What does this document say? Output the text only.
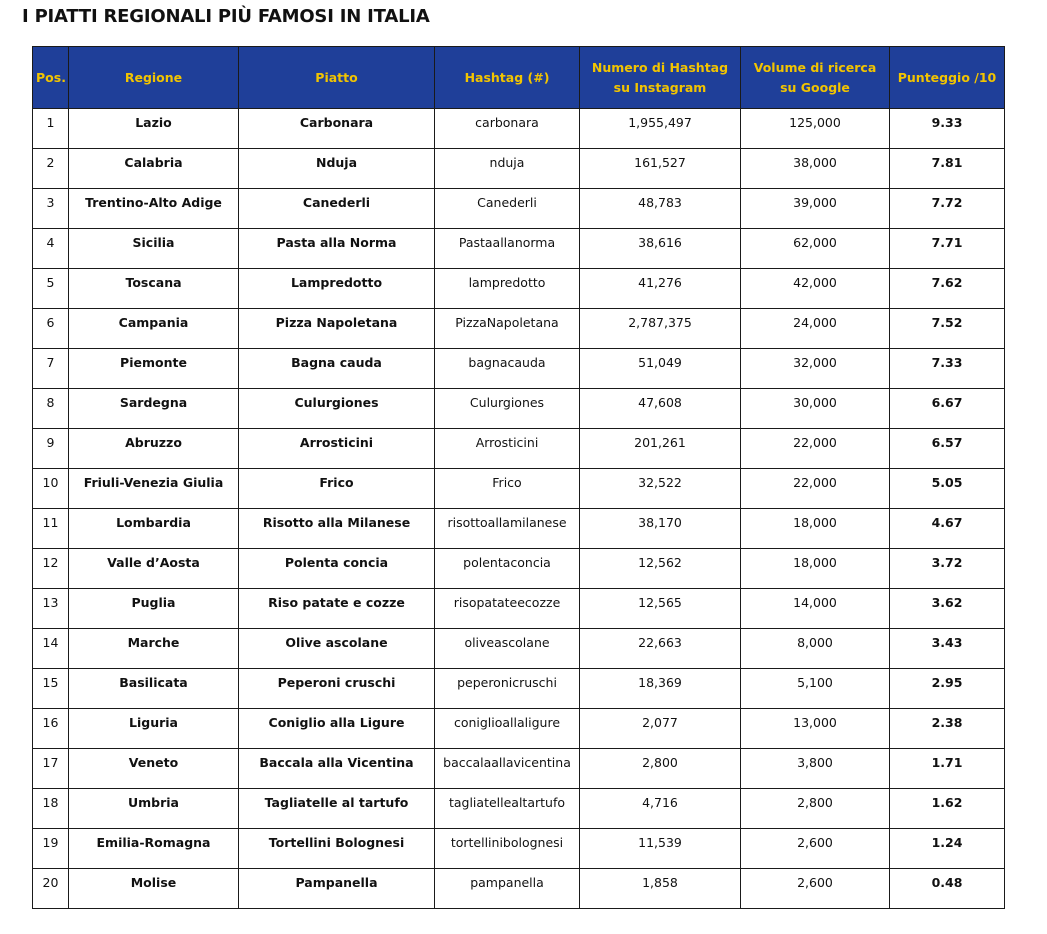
I PIATTI REGIONALI PIÙ FAMOSI IN ITALIA
Pos.	Regione	Piatto	Hashtag (#)	Numero di Hashtag su Instagram	Volume di ricerca su Google	Punteggio /10
1	Lazio	Carbonara	carbonara	1,955,497	125,000	9.33
2	Calabria	Nduja	nduja	161,527	38,000	7.81
3	Trentino-Alto Adige	Canederli	Canederli	48,783	39,000	7.72
4	Sicilia	Pasta alla Norma	Pastaallanorma	38,616	62,000	7.71
5	Toscana	Lampredotto	lampredotto	41,276	42,000	7.62
6	Campania	Pizza Napoletana	PizzaNapoletana	2,787,375	24,000	7.52
7	Piemonte	Bagna cauda	bagnacauda	51,049	32,000	7.33
8	Sardegna	Culurgiones	Culurgiones	47,608	30,000	6.67
9	Abruzzo	Arrosticini	Arrosticini	201,261	22,000	6.57
10	Friuli-Venezia Giulia	Frico	Frico	32,522	22,000	5.05
11	Lombardia	Risotto alla Milanese	risottoallamilanese	38,170	18,000	4.67
12	Valle d’Aosta	Polenta concia	polentaconcia	12,562	18,000	3.72
13	Puglia	Riso patate e cozze	risopatateecozze	12,565	14,000	3.62
14	Marche	Olive ascolane	oliveascolane	22,663	8,000	3.43
15	Basilicata	Peperoni cruschi	peperonicruschi	18,369	5,100	2.95
16	Liguria	Coniglio alla Ligure	coniglioallaligure	2,077	13,000	2.38
17	Veneto	Baccala alla Vicentina	baccalaallavicentina	2,800	3,800	1.71
18	Umbria	Tagliatelle al tartufo	tagliatellealtartufo	4,716	2,800	1.62
19	Emilia-Romagna	Tortellini Bolognesi	tortellinibolognesi	11,539	2,600	1.24
20	Molise	Pampanella	pampanella	1,858	2,600	0.48
